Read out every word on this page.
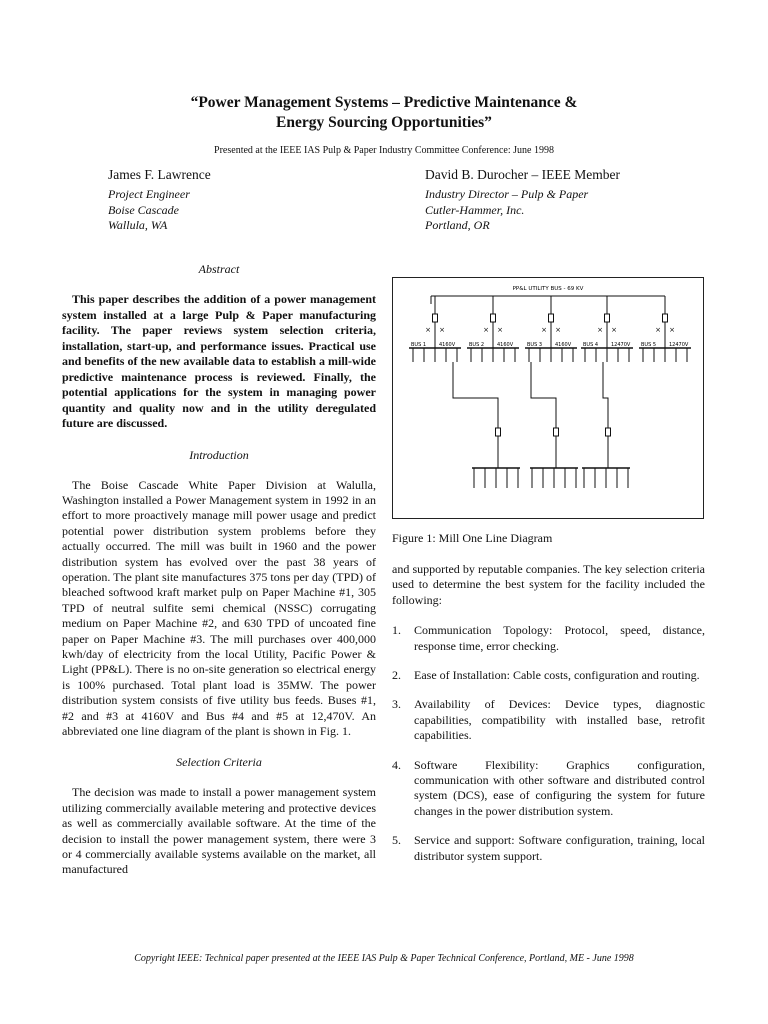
“Power Management Systems – Predictive Maintenance &
Energy Sourcing Opportunities”
Presented at the IEEE IAS Pulp & Paper Industry Committee Conference: June 1998
James F. Lawrence
Project Engineer
Boise Cascade
Wallula, WA
David B. Durocher – IEEE Member
Industry Director – Pulp & Paper
Cutler-Hammer, Inc.
Portland, OR
Abstract
This paper describes the addition of a power management system installed at a large Pulp & Paper manufacturing facility. The paper reviews system selection criteria, installation, start-up, and performance issues. Practical use and benefits of the new available data to establish a mill-wide predictive maintenance process is reviewed. Finally, the potential applications for the system in managing power quantity and quality now and in the utility deregulated future are discussed.
Introduction
The Boise Cascade White Paper Division at Walulla, Washington installed a Power Management system in 1992 in an effort to more proactively manage mill power usage and predict potential power distribution system problems before they actually occurred. The mill was built in 1960 and the power distribution system has evolved over the past 38 years of operation. The plant site manufactures 375 tons per day (TPD) of bleached softwood kraft market pulp on Paper Machine #1, 305 TPD of neutral sulfite semi chemical (NSSC) corrugating medium on Paper Machine #2, and 630 TPD of uncoated fine paper on Paper Machine #3. The mill purchases over 400,000 kwh/day of electricity from the local Utility, Pacific Power & Light (PP&L). There is no on-site generation so electrical energy is 100% purchased. Total plant load is 35MW. The power distribution system consists of five utility bus feeds. Buses #1, #2 and #3 at 4160V and Bus #4 and #5 at 12,470V. An abbreviated one line diagram of the plant is shown in Fig. 1.
Selection Criteria
The decision was made to install a power management system utilizing commercially available metering and protective devices as well as commercially available software. At the time of the decision to install the power management system, there were 3 or 4 commercially available systems available on the market, all manufactured
PP&L UTILITY BUS - 69 KV
× ×	× ×	× ×	× ×	× ×
BUS 1	4160V	BUS 2	4160V	BUS 3	4160V BUS 4	12470V BUS 5	12470V
Figure 1: Mill One Line Diagram
and supported by reputable companies. The key selection criteria used to determine the best system for the facility included the following:
1. Communication Topology: Protocol, speed, distance, response time, error checking.
2. Ease of Installation: Cable costs, configuration and routing.
3. Availability of Devices: Device types, diagnostic capabilities, compatibility with installed base, retrofit capabilities.
4. Software Flexibility: Graphics configuration, communication with other software and distributed control system (DCS), ease of configuring the system for future changes in the power distribution system.
5. Service and support: Software configuration, training, local distributor system support.
Copyright IEEE: Technical paper presented at the IEEE IAS Pulp & Paper Technical Conference, Portland, ME - June 1998
